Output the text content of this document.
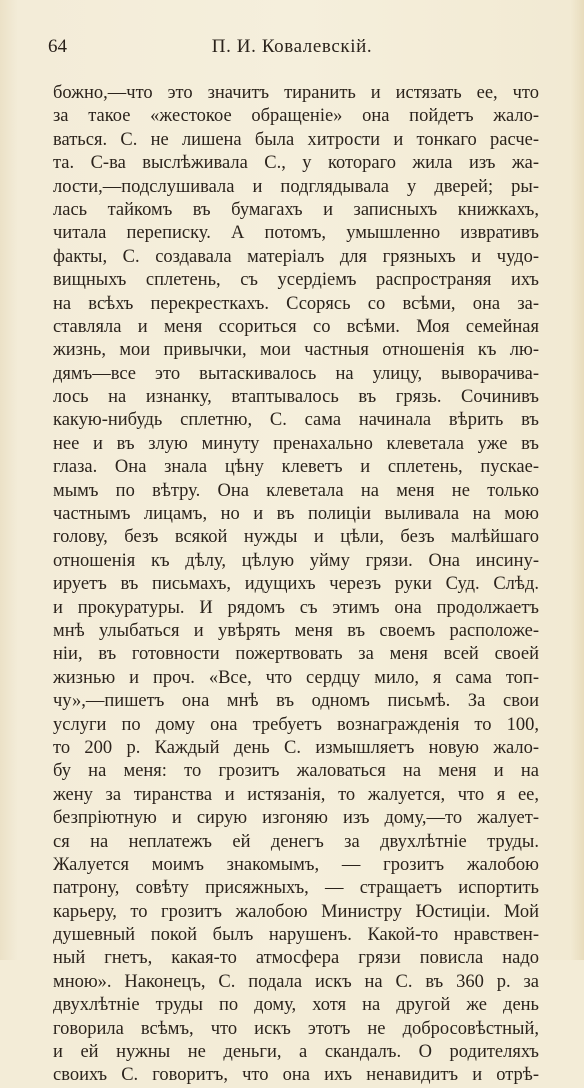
64	П. И. Ковалевскій.
божно,—что это значитъ тиранить и истязать ее, что
за такое «жестокое обращеніе» она пойдетъ жало-
ваться. С. не лишена была хитрости и тонкаго расче-
та. С-ва выслѣживала С., у котораго жила изъ жа-
лости,—подслушивала и подглядывала у дверей; ры-
лась тайкомъ въ бумагахъ и записныхъ книжкахъ,
читала переписку. А потомъ, умышленно извративъ
факты, С. создавала матеріалъ для грязныхъ и чудо-
вищныхъ сплетень, съ усердіемъ распространяя ихъ
на всѣхъ перекресткахъ. Ссорясь со всѣми, она за-
ставляла и меня ссориться со всѣми. Моя семейная
жизнь, мои привычки, мои частныя отношенія къ лю-
дямъ—все это вытаскивалось на улицу, выворачива-
лось на изнанку, втаптывалось въ грязь. Сочинивъ
какую-нибудь сплетню, С. сама начинала вѣрить въ
нее и въ злую минуту пренахально клеветала уже въ
глаза. Она знала цѣну клеветъ и сплетень, пускае-
мымъ по вѣтру. Она клеветала на меня не только
частнымъ лицамъ, но и въ полиціи выливала на мою
голову, безъ всякой нужды и цѣли, безъ малѣйшаго
отношенія къ дѣлу, цѣлую уйму грязи. Она инсину-
ируетъ въ письмахъ, идущихъ черезъ руки Суд. Слѣд.
и прокуратуры. И рядомъ съ этимъ она продолжаетъ
мнѣ улыбаться и увѣрять меня въ своемъ расположе-
ніи, въ готовности пожертвовать за меня всей своей
жизнью и проч. «Все, что сердцу мило, я сама топ-
чу»,—пишетъ она мнѣ въ одномъ письмѣ. За свои
услуги по дому она требуетъ вознагражденія то 100,
то 200 р. Каждый день С. измышляетъ новую жало-
бу на меня: то грозитъ жаловаться на меня и на
жену за тиранства и истязанія, то жалуется, что я ее,
безпріютную и сирую изгоняю изъ дому,—то жалует-
ся на неплатежъ ей денегъ за двухлѣтніе труды.
Жалуется моимъ знакомымъ, — грозитъ жалобою
патрону, совѣту присяжныхъ, — стращаетъ испортить
карьеру, то грозитъ жалобою Министру Юстиціи. Мой
душевный покой былъ нарушенъ. Какой-то нравствен-
ный гнетъ, какая-то атмосфера грязи повисла надо
мною». Наконецъ, С. подала искъ на С. въ 360 р. за
двухлѣтніе труды по дому, хотя на другой же день
говорила всѣмъ, что искъ этотъ не добросовѣстный,
и ей нужны не деньги, а скандалъ. О родителяхъ
своихъ С. говоритъ, что она ихъ ненавидитъ и отрѣ-
